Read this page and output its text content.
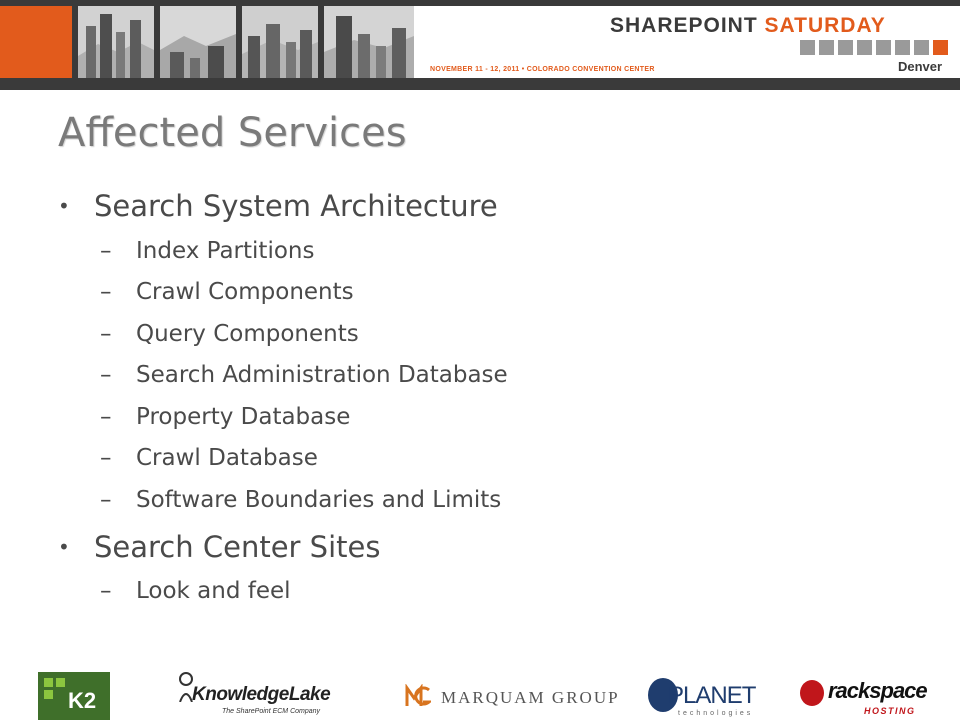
SHAREPOINT SATURDAY
NOVEMBER 11 - 12, 2011 • COLORADO CONVENTION CENTER	Denver
Affected Services
• Search System Architecture
–	Index Partitions
–	Crawl Components
–	Query Components
–	Search Administration Database
–	Property Database
–	Crawl Database
–	Software Boundaries and Limits
• Search Center Sites
–	Look and feel
K2	KnowledgeLake
The SharePoint ECM Company
MARQUAM GROUP PLANET
technologies
rackspace
HOSTING
